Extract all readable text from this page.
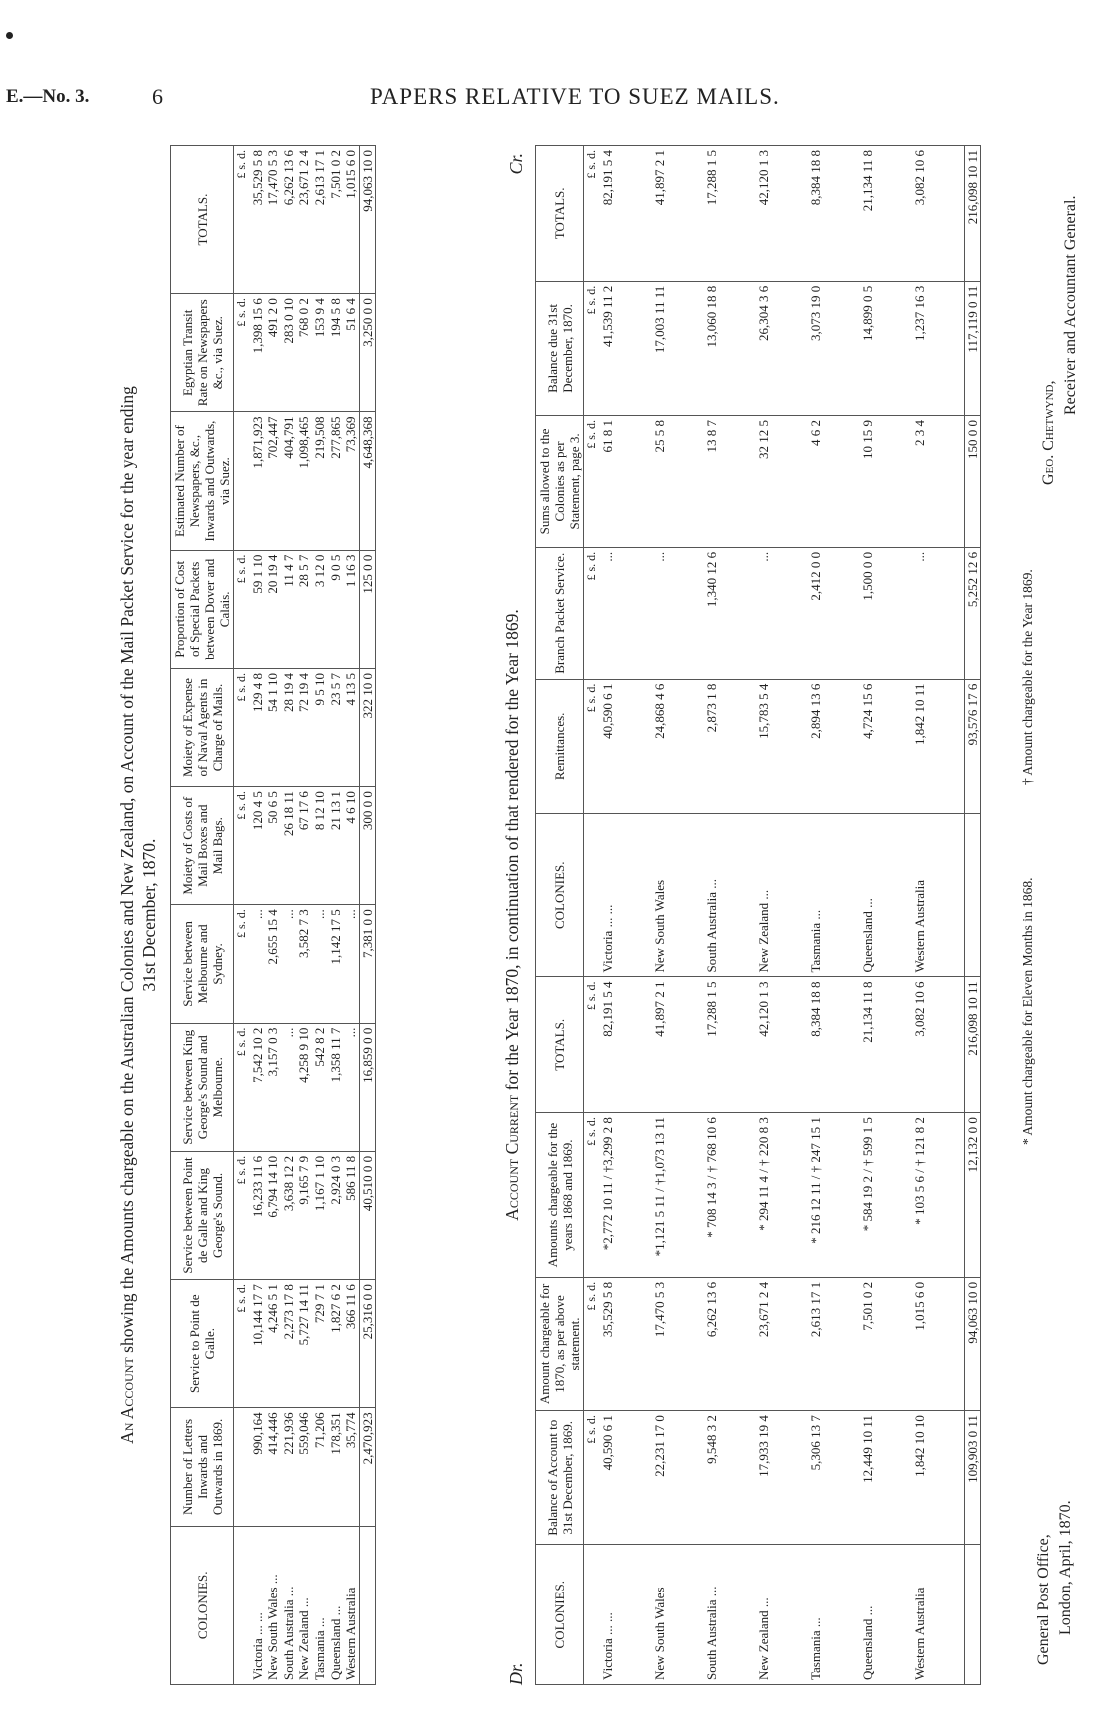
E.—No. 3.	6	PAPERS RELATIVE TO SUEZ MAILS.
An Account showing the Amounts chargeable on the Australian Colonies and New Zealand, on Account of the Mail Packet Service for the year ending 31st December, 1870.
COLONIES.	Number of Letters Inwards and Outwards in 1869.	Service to Point de Galle.	Service between Point de Galle and King George's Sound.	Service between King George's Sound and Melbourne.	Service between Melbourne and Sydney.	Moiety of Costs of Mail Boxes and Mail Bags.	Moiety of Expense of Naval Agents in Charge of Mails.	Proportion of Cost of Special Packets between Dover and Calais.	Estimated Number of Newspapers, &c., Inwards and Outwards, via Suez.	Egyptian Transit Rate on Newspapers &c., via Suez.	TOTALS.
		£ s. d.	£ s. d.	£ s. d.	£ s. d.	£ s. d.	£ s. d.	£ s. d.		£ s. d.	£ s. d.
Victoria ... ...	990,164	10,144 17 7	16,233 11 6	7,542 10 2	...	120 4 5	129 4 8	59 1 10	1,871,923	1,398 15 6	35,529 5 8
New South Wales ...	414,446	4,246 5 1	6,794 14 10	3,157 0 3	2,655 15 4	50 6 5	54 1 10	20 19 4	702,447	491 2 0	17,470 5 3
South Australia ...	221,936	2,273 17 8	3,638 12 2	...	...	26 18 11	28 19 4	11 4 7	404,791	283 0 10	6,262 13 6
New Zealand ...	559,046	5,727 14 11	9,165 7 9	4,258 9 10	3,582 7 3	67 17 6	72 19 4	28 5 7	1,098,465	768 0 2	23,671 2 4
Tasmania ...	71,206	729 7 1	1,167 1 10	542 8 2	...	8 12 10	9 5 10	3 12 0	219,508	153 9 4	2,613 17 1
Queensland ...	178,351	1,827 6 2	2,924 0 3	1,358 11 7	1,142 17 5	21 13 1	23 5 7	9 0 5	277,865	194 5 8	7,501 0 2
Western Australia	35,774	366 11 6	586 11 8	...	...	4 6 10	4 13 5	1 16 3	73,369	51 6 4	1,015 6 0
	2,470,923	25,316 0 0	40,510 0 0	16,859 0 0	7,381 0 0	300 0 0	322 10 0	125 0 0	4,648,368	3,250 0 0	94,063 10 0
Dr.
Account Current for the Year 1870, in continuation of that rendered for the Year 1869.
Cr.
COLONIES.	Balance of Account to 31st December, 1869.	Amount chargeable for 1870, as per above statement.	Amounts chargeable for the years 1868 and 1869.	TOTALS.	COLONIES.	Remittances.	Branch Packet Service.	Sums allowed to the Colonies as per Statement, page 3.	Balance due 31st December, 1870.	TOTALS.
	£ s. d.	£ s. d.	£ s. d.	£ s. d.		£ s. d.	£ s. d.	£ s. d.	£ s. d.	£ s. d.
Victoria ... ...	40,590 6 1	35,529 5 8	*2,772 10 11 / †3,299 2 8	82,191 5 4	Victoria ... ...	40,590 6 1	...	61 8 1	41,539 11 2	82,191 5 4
New South Wales	22,231 17 0	17,470 5 3	*1,121 5 11 / †1,073 13 11	41,897 2 1	New South Wales	24,868 4 6	...	25 5 8	17,003 11 11	41,897 2 1
South Australia ...	9,548 3 2	6,262 13 6	* 708 14 3 / † 768 10 6	17,288 1 5	South Australia ...	2,873 1 8	1,340 12 6	13 8 7	13,060 18 8	17,288 1 5
New Zealand ...	17,933 19 4	23,671 2 4	* 294 11 4 / † 220 8 3	42,120 1 3	New Zealand ...	15,783 5 4	...	32 12 5	26,304 3 6	42,120 1 3
Tasmania ...	5,306 13 7	2,613 17 1	* 216 12 11 / † 247 15 1	8,384 18 8	Tasmania ...	2,894 13 6	2,412 0 0	4 6 2	3,073 19 0	8,384 18 8
Queensland ...	12,449 10 11	7,501 0 2	* 584 19 2 / † 599 1 5	21,134 11 8	Queensland ...	4,724 15 6	1,500 0 0	10 15 9	14,899 0 5	21,134 11 8
Western Australia	1,842 10 10	1,015 6 0	* 103 5 6 / † 121 8 2	3,082 10 6	Western Australia	1,842 10 11	...	2 3 4	1,237 16 3	3,082 10 6
	109,903 0 11	94,063 10 0	12,132 0 0	216,098 10 11		93,576 17 6	5,252 12 6	150 0 0	117,119 0 11	216,098 10 11
* Amount chargeable for Eleven Months in 1868.
† Amount chargeable for the Year 1869.
General Post Office, London, April, 1870.
Geo. Chetwynd,
Receiver and Accountant General.
